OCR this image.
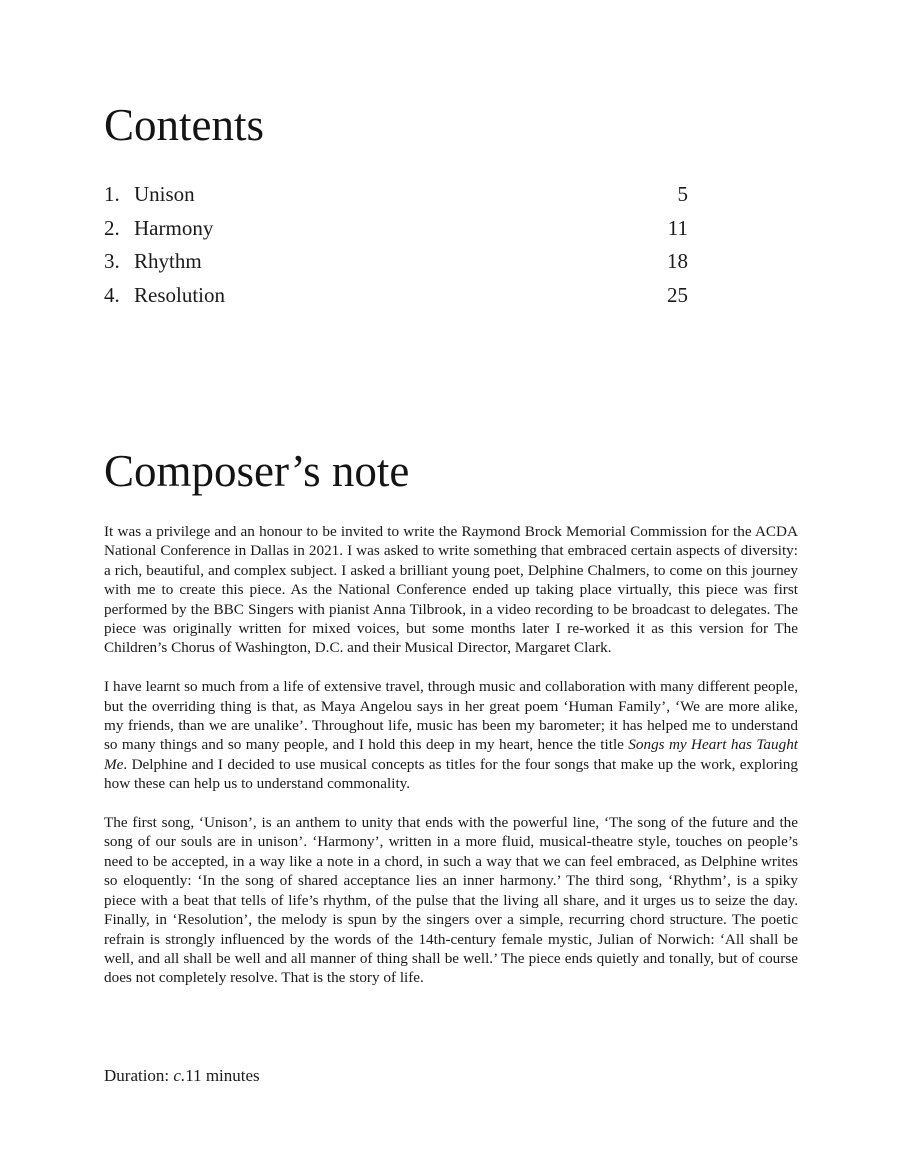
Contents
1. Unison	5
2. Harmony	11
3. Rhythm	18
4. Resolution	25
Composer’s note

It was a privilege and an honour to be invited to write the Raymond Brock Memorial Commission for the ACDA National Conference in Dallas in 2021. I was asked to write something that embraced certain aspects of diversity: a rich, beautiful, and complex subject. I asked a brilliant young poet, Delphine Chalmers, to come on this journey with me to create this piece. As the National Conference ended up taking place virtually, this piece was first performed by the BBC Singers with pianist Anna Tilbrook, in a video recording to be broadcast to delegates. The piece was originally written for mixed voices, but some months later I re-worked it as this version for The Children’s Chorus of Washington, D.C. and their Musical Director, Margaret Clark.

I have learnt so much from a life of extensive travel, through music and collaboration with many different people, but the overriding thing is that, as Maya Angelou says in her great poem ‘Human Family’, ‘We are more alike, my friends, than we are unalike’. Throughout life, music has been my barometer; it has helped me to understand so many things and so many people, and I hold this deep in my heart, hence the title Songs my Heart has Taught Me. Delphine and I decided to use musical concepts as titles for the four songs that make up the work, exploring how these can help us to understand commonality.

The first song, ‘Unison’, is an anthem to unity that ends with the powerful line, ‘The song of the future and the song of our souls are in unison’. ‘Harmony’, written in a more fluid, musical-theatre style, touches on people’s need to be accepted, in a way like a note in a chord, in such a way that we can feel embraced, as Delphine writes so eloquently: ‘In the song of shared acceptance lies an inner harmony.’ The third song, ‘Rhythm’, is a spiky piece with a beat that tells of life’s rhythm, of the pulse that the living all share, and it urges us to seize the day. Finally, in ‘Resolution’, the melody is spun by the singers over a simple, recurring chord structure. The poetic refrain is strongly influenced by the words of the 14th-century female mystic, Julian of Norwich: ‘All shall be well, and all shall be well and all manner of thing shall be well.’ The piece ends quietly and tonally, but of course does not completely resolve. That is the story of life.

Duration: c.11 minutes
